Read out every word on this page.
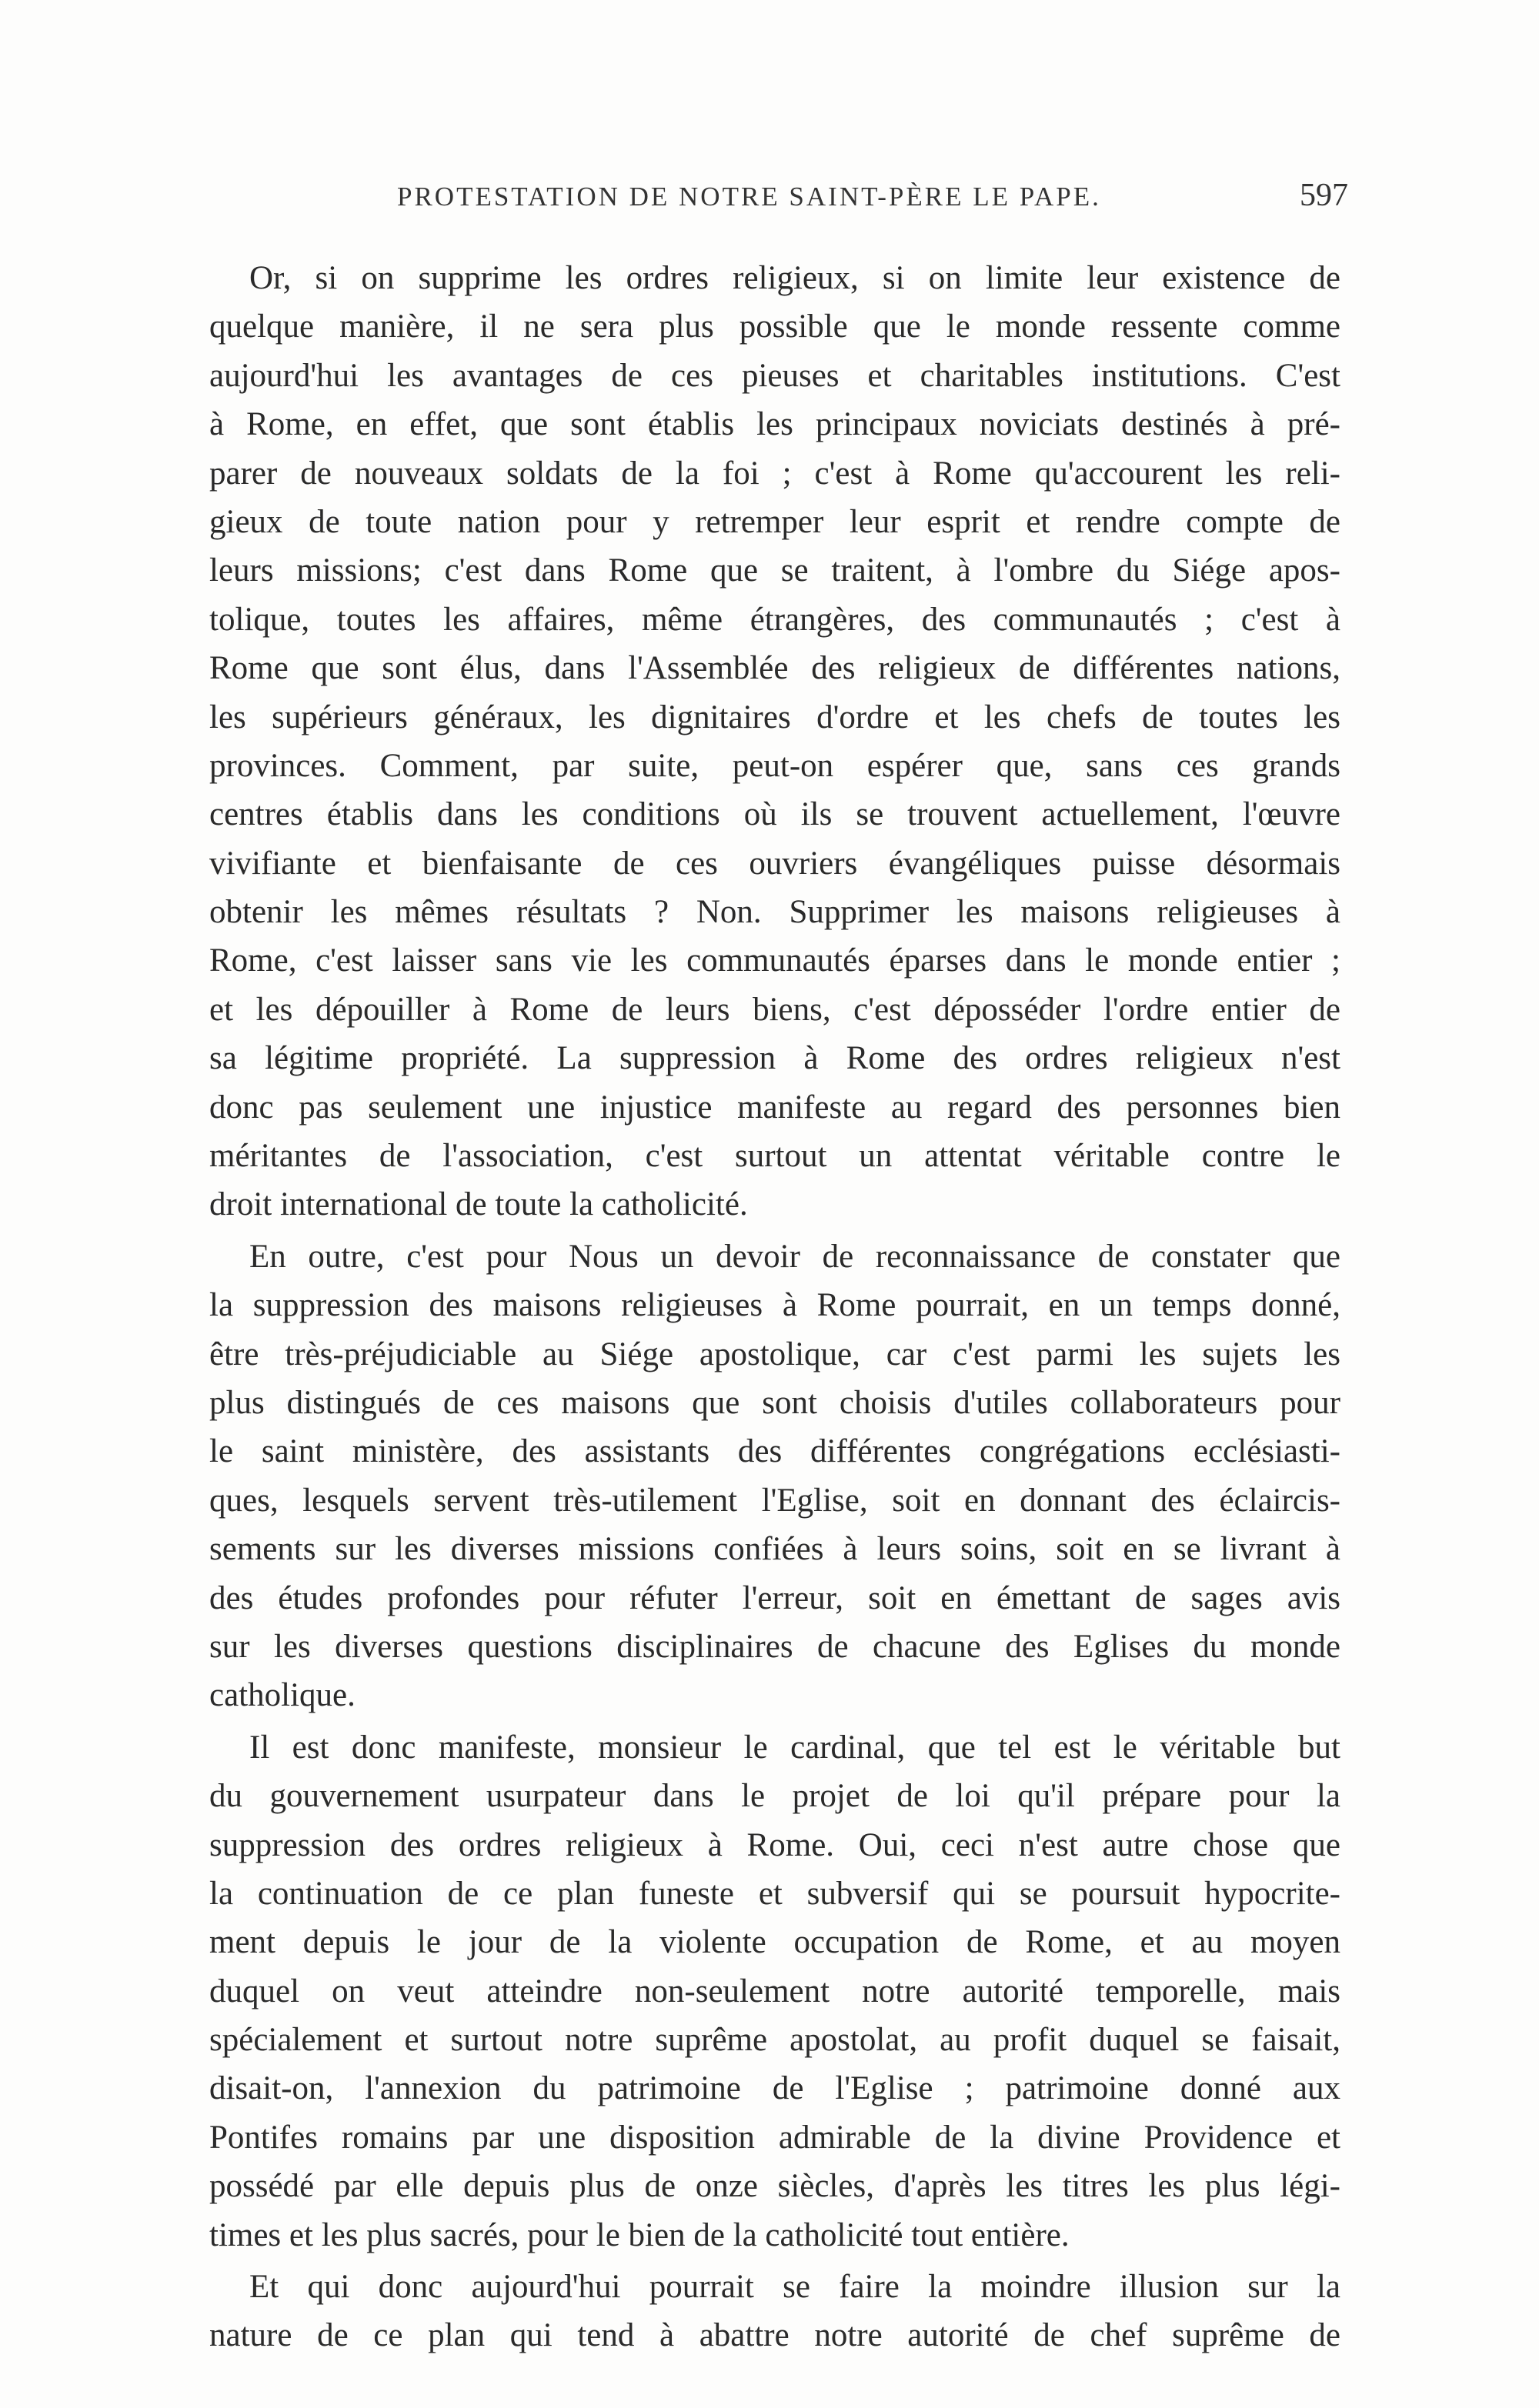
PROTESTATION DE NOTRE SAINT-PÈRE LE PAPE.	597
Or, si on supprime les ordres religieux, si on limite leur existence de
quelque manière, il ne sera plus possible que le monde ressente comme
aujourd'hui les avantages de ces pieuses et charitables institutions. C'est
à Rome, en effet, que sont établis les principaux noviciats destinés à pré-
parer de nouveaux soldats de la foi ; c'est à Rome qu'accourent les reli-
gieux de toute nation pour y retremper leur esprit et rendre compte de
leurs missions; c'est dans Rome que se traitent, à l'ombre du Siége apos-
tolique, toutes les affaires, même étrangères, des communautés ; c'est à
Rome que sont élus, dans l'Assemblée des religieux de différentes nations,
les supérieurs généraux, les dignitaires d'ordre et les chefs de toutes les
provinces. Comment, par suite, peut-on espérer que, sans ces grands
centres établis dans les conditions où ils se trouvent actuellement, l'œuvre
vivifiante et bienfaisante de ces ouvriers évangéliques puisse désormais
obtenir les mêmes résultats ? Non. Supprimer les maisons religieuses à
Rome, c'est laisser sans vie les communautés éparses dans le monde entier ;
et les dépouiller à Rome de leurs biens, c'est déposséder l'ordre entier de
sa légitime propriété. La suppression à Rome des ordres religieux n'est
donc pas seulement une injustice manifeste au regard des personnes bien
méritantes de l'association, c'est surtout un attentat véritable contre le
droit international de toute la catholicité.
En outre, c'est pour Nous un devoir de reconnaissance de constater que
la suppression des maisons religieuses à Rome pourrait, en un temps donné,
être très-préjudiciable au Siége apostolique, car c'est parmi les sujets les
plus distingués de ces maisons que sont choisis d'utiles collaborateurs pour
le saint ministère, des assistants des différentes congrégations ecclésiasti-
ques, lesquels servent très-utilement l'Eglise, soit en donnant des éclaircis-
sements sur les diverses missions confiées à leurs soins, soit en se livrant à
des études profondes pour réfuter l'erreur, soit en émettant de sages avis
sur les diverses questions disciplinaires de chacune des Eglises du monde
catholique.
Il est donc manifeste, monsieur le cardinal, que tel est le véritable but
du gouvernement usurpateur dans le projet de loi qu'il prépare pour la
suppression des ordres religieux à Rome. Oui, ceci n'est autre chose que
la continuation de ce plan funeste et subversif qui se poursuit hypocrite-
ment depuis le jour de la violente occupation de Rome, et au moyen
duquel on veut atteindre non-seulement notre autorité temporelle, mais
spécialement et surtout notre suprême apostolat, au profit duquel se faisait,
disait-on, l'annexion du patrimoine de l'Eglise ; patrimoine donné aux
Pontifes romains par une disposition admirable de la divine Providence et
possédé par elle depuis plus de onze siècles, d'après les titres les plus légi-
times et les plus sacrés, pour le bien de la catholicité tout entière.
Et qui donc aujourd'hui pourrait se faire la moindre illusion sur la
nature de ce plan qui tend à abattre notre autorité de chef suprême de
